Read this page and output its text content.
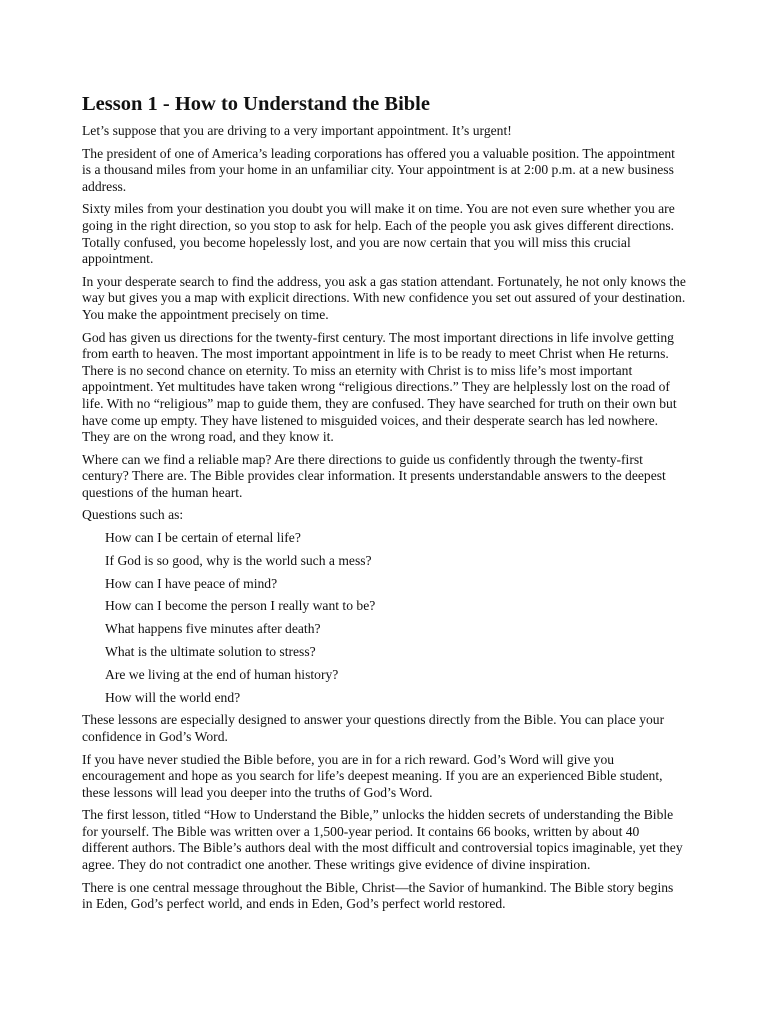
Lesson 1 - How to Understand the Bible

Let’s suppose that you are driving to a very important appointment. It’s urgent!

The president of one of America’s leading corporations has offered you a valuable position. The appointment is a thousand miles from your home in an unfamiliar city. Your appointment is at 2:00 p.m. at a new business address.

Sixty miles from your destination you doubt you will make it on time. You are not even sure whether you are going in the right direction, so you stop to ask for help. Each of the people you ask gives different directions. Totally confused, you become hopelessly lost, and you are now certain that you will miss this crucial appointment.

In your desperate search to find the address, you ask a gas station attendant. Fortunately, he not only knows the way but gives you a map with explicit directions. With new confidence you set out assured of your destination. You make the appointment precisely on time.

God has given us directions for the twenty-first century. The most important directions in life involve getting from earth to heaven. The most important appointment in life is to be ready to meet Christ when He returns. There is no second chance on eternity. To miss an eternity with Christ is to miss life’s most important appointment. Yet multitudes have taken wrong “religious directions.” They are helplessly lost on the road of life. With no “religious” map to guide them, they are confused. They have searched for truth on their own but have come up empty. They have listened to misguided voices, and their desperate search has led nowhere. They are on the wrong road, and they know it.

Where can we find a reliable map? Are there directions to guide us confidently through the twenty-first century? There are. The Bible provides clear information. It presents understandable answers to the deepest questions of the human heart.

Questions such as:

How can I be certain of eternal life?
If God is so good, why is the world such a mess?
How can I have peace of mind?
How can I become the person I really want to be?
What happens five minutes after death?
What is the ultimate solution to stress?
Are we living at the end of human history?
How will the world end?

These lessons are especially designed to answer your questions directly from the Bible. You can place your confidence in God’s Word.

If you have never studied the Bible before, you are in for a rich reward. God’s Word will give you encouragement and hope as you search for life’s deepest meaning. If you are an experienced Bible student, these lessons will lead you deeper into the truths of God’s Word.

The first lesson, titled “How to Understand the Bible,” unlocks the hidden secrets of understanding the Bible for yourself. The Bible was written over a 1,500-year period. It contains 66 books, written by about 40 different authors. The Bible’s authors deal with the most difficult and controversial topics imaginable, yet they agree. They do not contradict one another. These writings give evidence of divine inspiration.

There is one central message throughout the Bible, Christ—the Savior of humankind. The Bible story begins in Eden, God’s perfect world, and ends in Eden, God’s perfect world restored.
